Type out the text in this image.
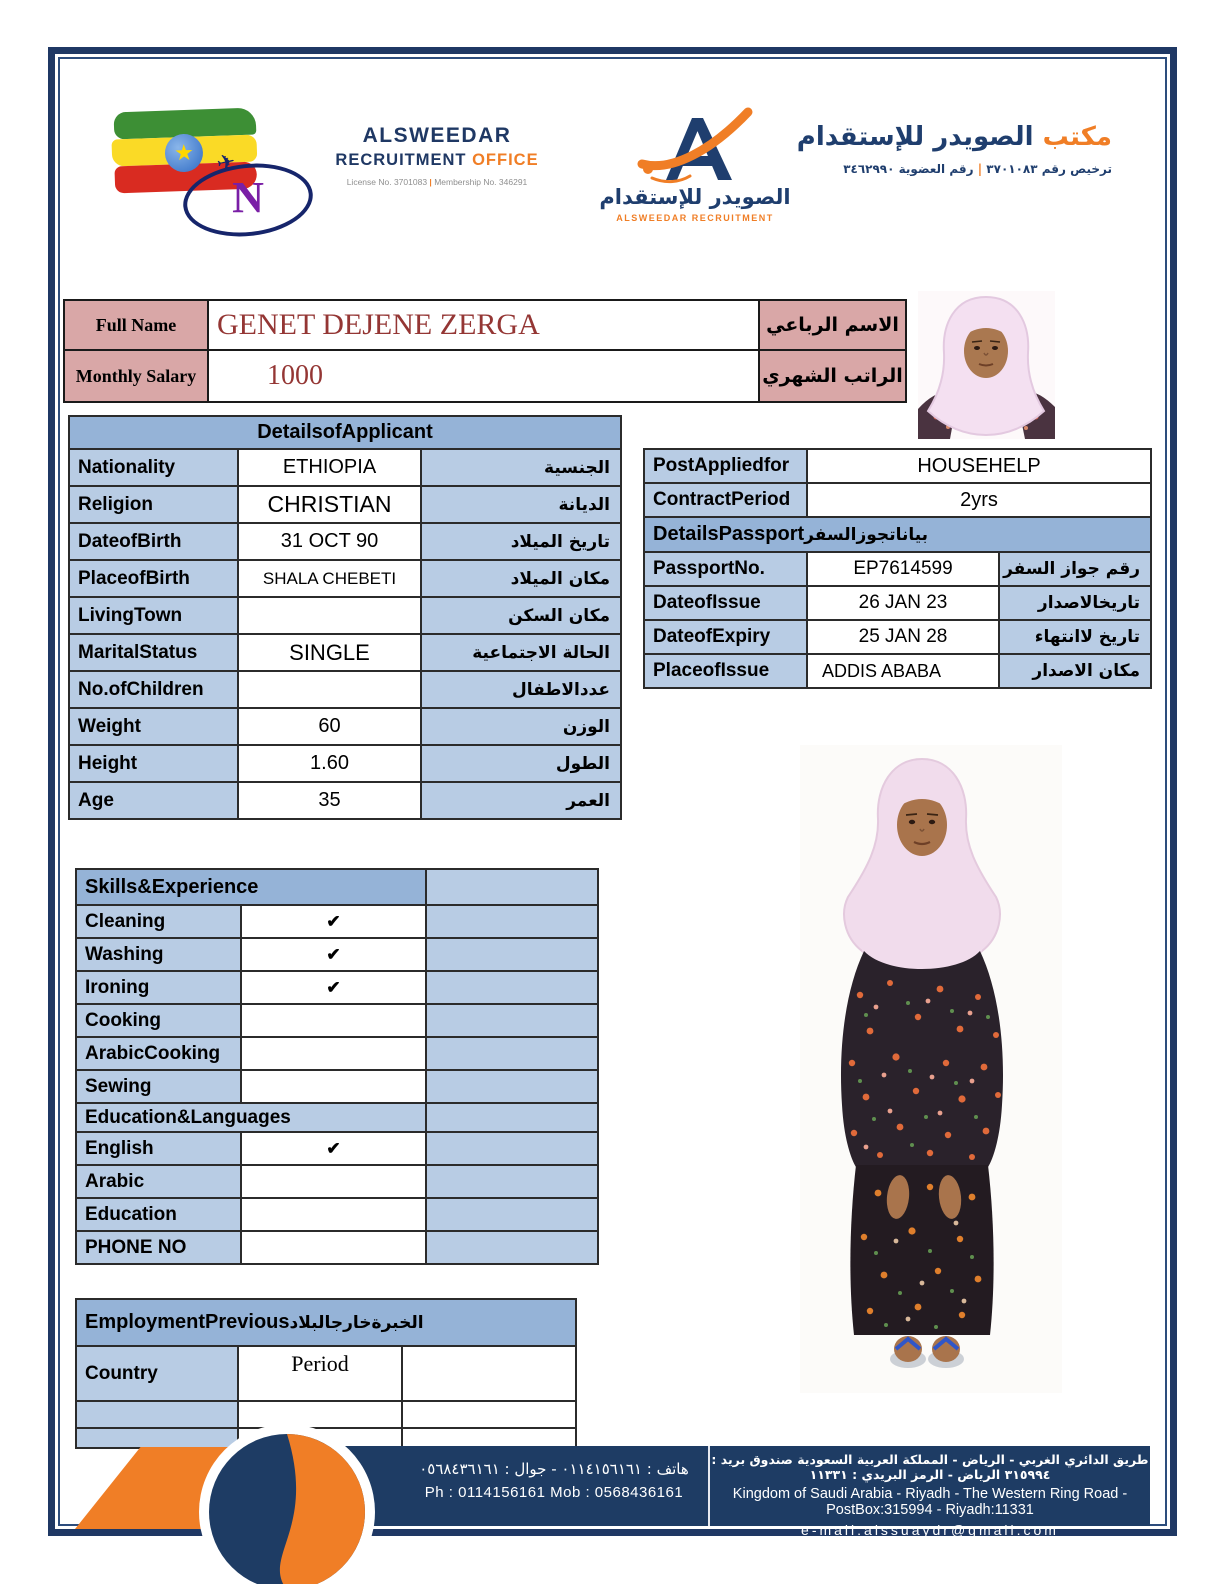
★
N
✈
ALSWEEDAR
RECRUITMENT OFFICE
License No. 3701083 | Membership No. 346291
الصويدر للإستقدام
ALSWEEDAR RECRUITMENT
مكتب الصويدر للإستقدام
ترخيص رقم ٣٧٠١٠٨٣ | رقم العضوية ٣٤٦٢٩٩٠
Full Name	GENET DEJENE ZERGA	الاسم الرباعي
Monthly Salary	1000	الراتب الشهري
DetailsofApplicant		
Nationality	ETHIOPIA	الجنسية
Religion	CHRISTIAN	الديانة
DateofBirth	31 OCT 90	تاريخ الميلاد
PlaceofBirth	SHALA CHEBETI	مكان الميلاد
LivingTown		مكان السكن
MaritalStatus	SINGLE	الحالة الاجتماعية
No.ofChildren		عددالاطفال
Weight	60	الوزن
Height	1.60	الطول
Age	35	العمر
PostAppliedfor	HOUSEHELP	
ContractPeriod	2yrs	
DetailsPassportبياناتجوزالسفر		
PassportNo.	EP7614599	رقم جواز السفر
DateofIssue	26 JAN 23	تاريخالاصدار
DateofExpiry	25 JAN 28	تاريخ لاانتهاء
PlaceofIssue	ADDIS ABABA	مكان الاصدار
Skills&Experience		
Cleaning	✔	
Washing	✔	
Ironing	✔	
Cooking		
ArabicCooking		
Sewing		
Education&Languages		
English	✔	
Arabic		
Education		
PHONE NO		
EmploymentPreviousالخبرةخارجالبلاد		
Country	Period	

هاتف : ٠١١٤١٥٦١٦١ - جوال : ٠٥٦٨٤٣٦١٦١
Ph : 0114156161 Mob : 0568436161
طريق الدائري الغربي - الرياض - المملكة العربية السعودية صندوق بريد : ٣١٥٩٩٤ الرياض - الرمز البريدي : ١١٣٣١
Kingdom of Saudi Arabia - Riyadh - The Western Ring Road - PostBox:315994 - Riyadh:11331
e-mail:alssuaydr@gmail.com
